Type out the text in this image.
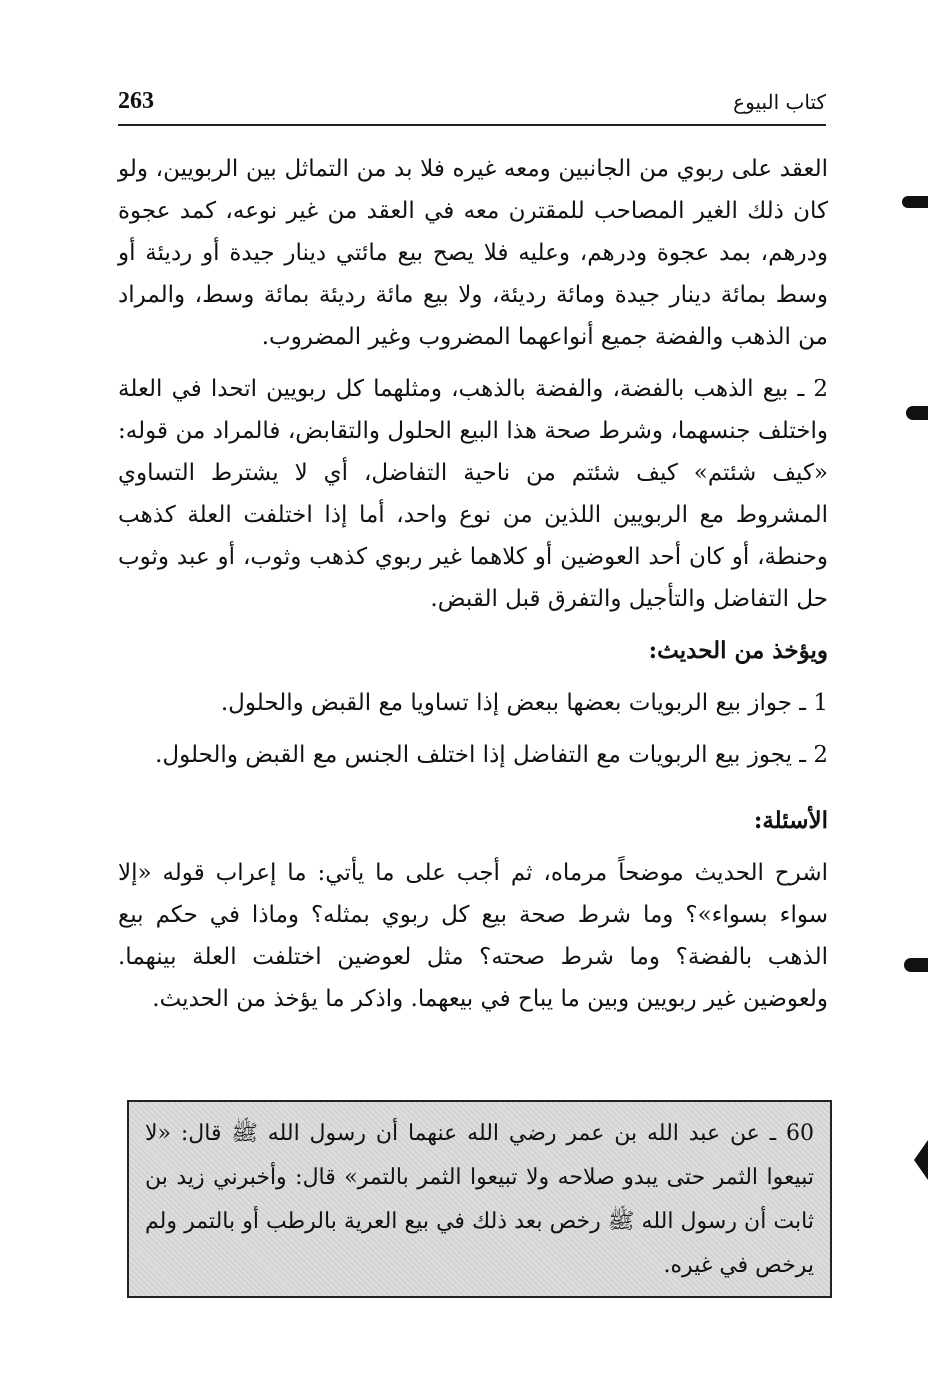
263	كتاب البيوع

العقد على ربوي من الجانبين ومعه غيره فلا بد من التماثل بين الربويين، ولو كان ذلك الغير المصاحب للمقترن معه في العقد من غير نوعه، كمد عجوة ودرهم، بمد عجوة ودرهم، وعليه فلا يصح بيع مائتي دينار جيدة أو رديئة أو وسط بمائة دينار جيدة ومائة رديئة، ولا بيع مائة رديئة بمائة وسط، والمراد من الذهب والفضة جميع أنواعهما المضروب وغير المضروب.

2 ـ بيع الذهب بالفضة، والفضة بالذهب، ومثلهما كل ربويين اتحدا في العلة واختلف جنسهما، وشرط صحة هذا البيع الحلول والتقابض، فالمراد من قوله: «كيف شئتم» كيف شئتم من ناحية التفاضل، أي لا يشترط التساوي المشروط مع الربويين اللذين من نوع واحد، أما إذا اختلفت العلة كذهب وحنطة، أو كان أحد العوضين أو كلاهما غير ربوي كذهب وثوب، أو عبد وثوب حل التفاضل والتأجيل والتفرق قبل القبض.

ويؤخذ من الحديث:

1 ـ جواز بيع الربويات بعضها ببعض إذا تساويا مع القبض والحلول.

2 ـ يجوز بيع الربويات مع التفاضل إذا اختلف الجنس مع القبض والحلول.

الأسئلة:

اشرح الحديث موضحاً مرماه، ثم أجب على ما يأتي: ما إعراب قوله «إلا سواء بسواء»؟ وما شرط صحة بيع كل ربوي بمثله؟ وماذا في حكم بيع الذهب بالفضة؟ وما شرط صحته؟ مثل لعوضين اختلفت العلة بينهما. ولعوضين غير ربويين وبين ما يباح في بيعهما. واذكر ما يؤخذ من الحديث.

60 ـ عن عبد الله بن عمر رضي الله عنهما أن رسول الله ﷺ قال: «لا تبيعوا الثمر حتى يبدو صلاحه ولا تبيعوا الثمر بالتمر» قال: وأخبرني زيد بن ثابت أن رسول الله ﷺ رخص بعد ذلك في بيع العرية بالرطب أو بالتمر ولم يرخص في غيره.
